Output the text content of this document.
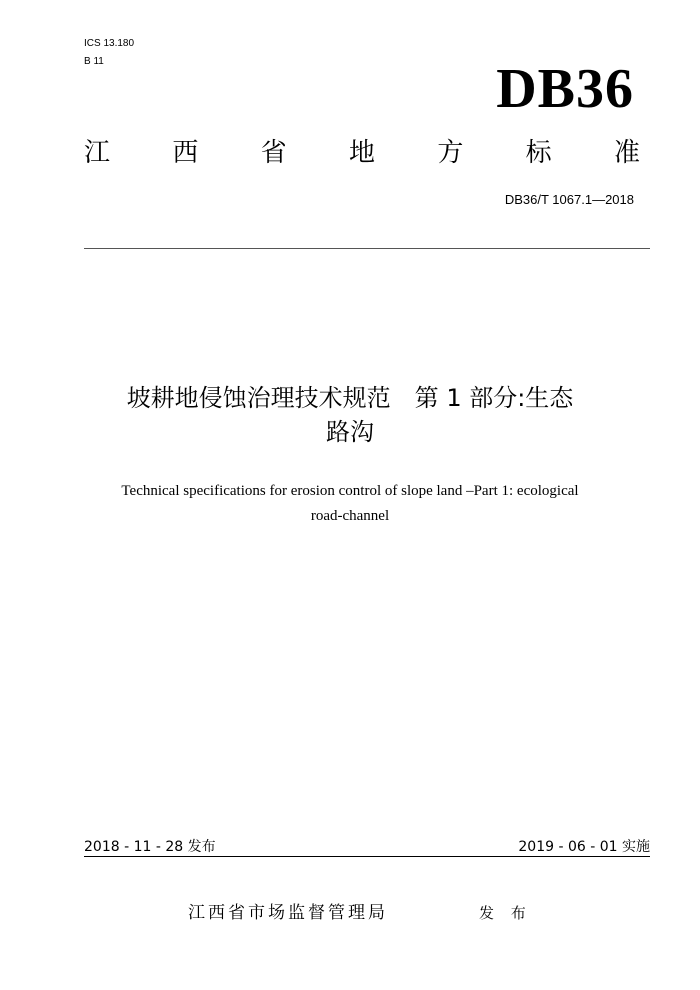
ICS 13.180
B 11	DB36
江 西 省 地 方 标 准
DB36/T 1067.1—2018
坡耕地侵蚀治理技术规范　第 1 部分:生态
路沟
Technical specifications for erosion control of slope land –Part 1: ecological
road-channel
2018 - 11 - 28 发布	2019 - 06 - 01 实施
江西省市场监督管理局	发 布
